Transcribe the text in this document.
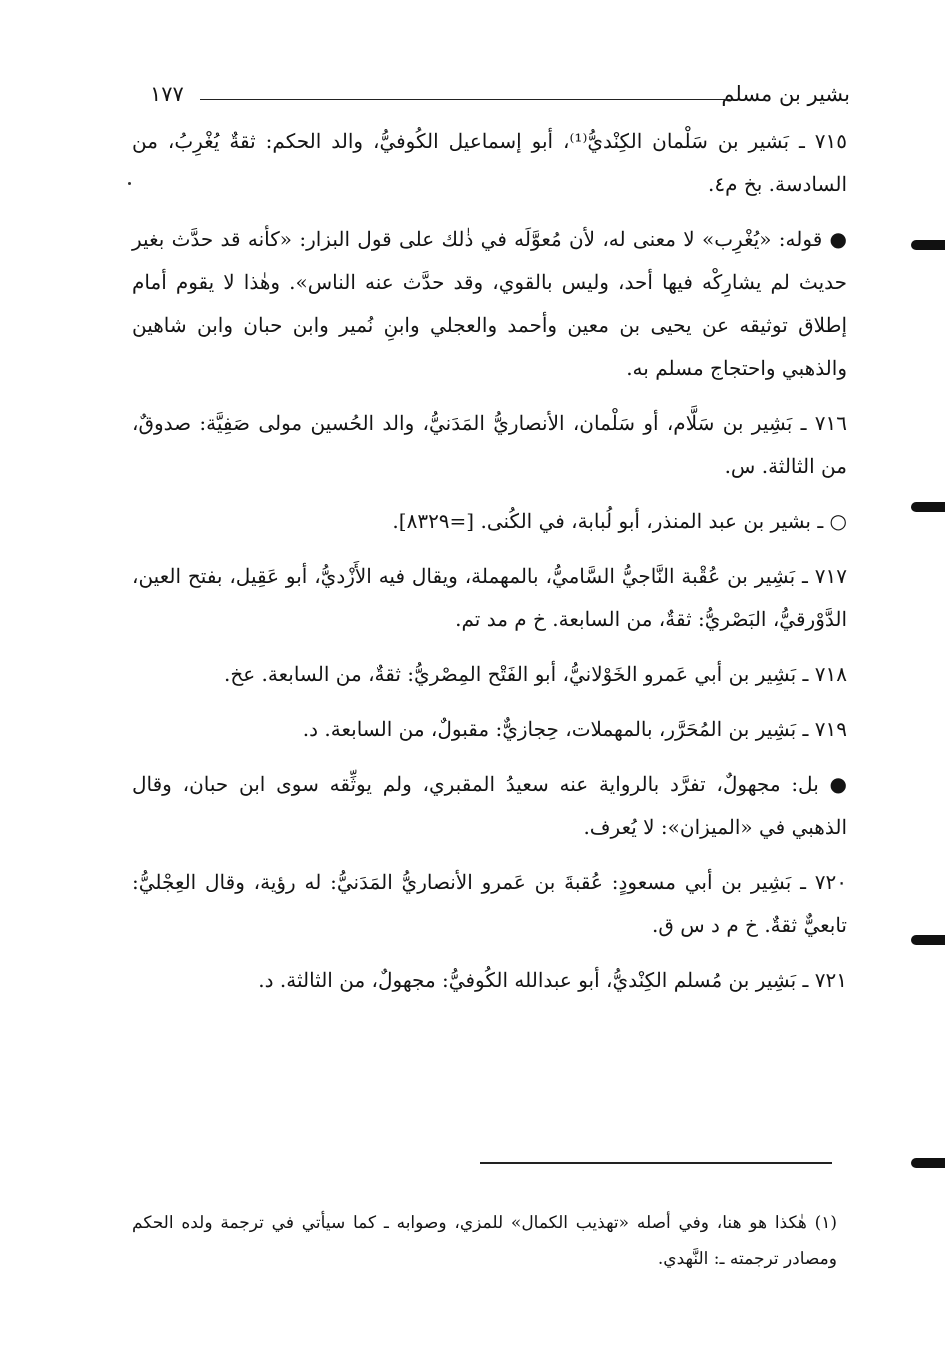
بشير بن مسلم
١٧٧

٧١٥ ـ بَشير بن سَلْمان الكِنْديُّ⁽¹⁾، أبو إسماعيل الكُوفيُّ، والد الحكم: ثقةٌ يُغْرِبُ، من السادسة. بخ م٤.

● قوله: «يُغْرِب» لا معنى له، لأن مُعوَّلَه في ذٰلك على قول البزار: «كأنه قد حدَّث بغير حديث لم يشارِكْه فيها أحد، وليس بالقوي، وقد حدَّث عنه الناس». وهٰذا لا يقوم أمام إطلاق توثيقه عن يحيى بن معين وأحمد والعجلي وابنِ نُمير وابن حبان وابن شاهين والذهبي واحتجاج مسلم به.

٧١٦ ـ بَشِير بن سَلَّام، أو سَلْمان، الأنصاريُّ المَدَنيُّ، والد الحُسين مولى صَفِيَّة: صدوقٌ، من الثالثة. س.

○ ـ بشير بن عبد المنذر، أبو لُبابة، في الكُنى. [=٨٣٢٩].

٧١٧ ـ بَشِير بن عُقْبة النَّاجيُّ السَّاميُّ، بالمهملة، ويقال فيه الأَزْديُّ، أبو عَقِيل، بفتح العين، الدَّوْرقيُّ، البَصْريُّ: ثقةٌ، من السابعة. خ م مد تم.

٧١٨ ـ بَشِير بن أبي عَمرو الخَوْلانيُّ، أبو الفَتْح المِصْريُّ: ثقةٌ، من السابعة. عخ.

٧١٩ ـ بَشِير بن المُحَرَّر، بالمهملات، حِجازيٌّ: مقبولٌ، من السابعة. د.

● بل: مجهولٌ، تفرَّد بالرواية عنه سعيدُ المقبري، ولم يوثِّقه سوى ابن حبان، وقال الذهبي في «الميزان»: لا يُعرف.

٧٢٠ ـ بَشِير بن أبي مسعودٍ: عُقبةَ بن عَمرو الأنصاريُّ المَدَنيُّ: له رؤية، وقال العِجْليُّ: تابعيٌّ ثقةٌ. خ م د س ق.

٧٢١ ـ بَشِير بن مُسلم الكِنْديُّ، أبو عبدالله الكُوفيُّ: مجهولٌ، من الثالثة. د.

(١) هٰكذا هو هنا، وفي أصله «تهذيب الكمال» للمزي، وصوابه ـ كما سيأتي في ترجمة ولده الحكم ومصادر ترجمته ـ: النَّهدي.
